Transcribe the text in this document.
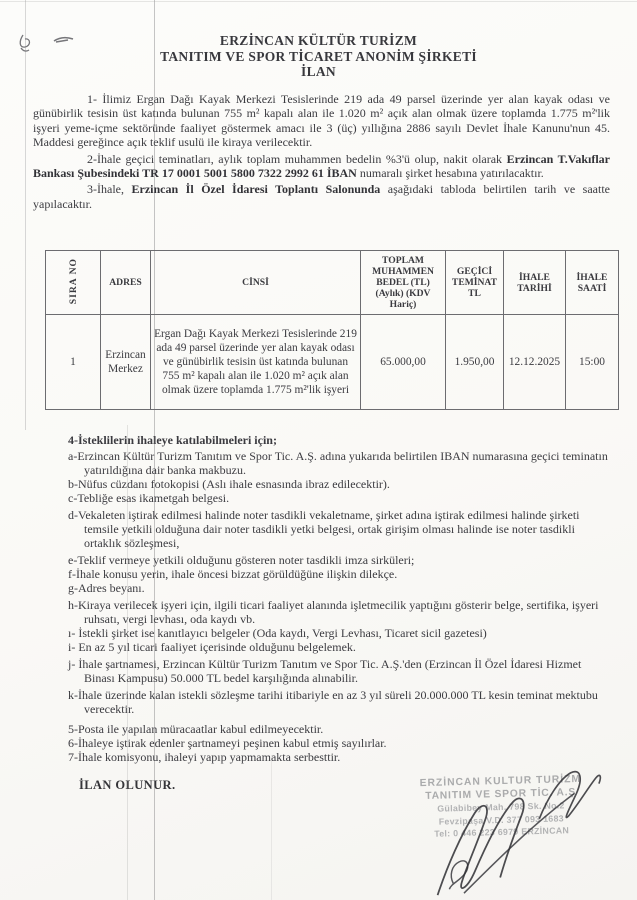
ERZİNCAN KÜLTÜR TURİZM
TANITIM VE SPOR TİCARET ANONİM ŞİRKETİ
İLAN

1- İlimiz Ergan Dağı Kayak Merkezi Tesislerinde 219 ada 49 parsel üzerinde yer alan kayak odası ve günübirlik tesisin üst katında bulunan 755 m² kapalı alan ile 1.020 m² açık alan olmak üzere toplamda 1.775 m²'lik işyeri yeme-içme sektöründe faaliyet göstermek amacı ile 3 (üç) yıllığına 2886 sayılı Devlet İhale Kanunu'nun 45. Maddesi gereğince açık teklif usulü ile kiraya verilecektir.

2-İhale geçici teminatları, aylık toplam muhammen bedelin %3'ü olup, nakit olarak Erzincan T.Vakıflar Bankası Şubesindeki TR 17 0001 5001 5800 7322 2992 61 İBAN numaralı şirket hesabına yatırılacaktır.

3-İhale, Erzincan İl Özel İdaresi Toplantı Salonunda aşağıdaki tabloda belirtilen tarih ve saatte yapılacaktır.

SIRA NO	ADRES	CİNSİ	TOPLAM MUHAMMEN BEDEL (TL) (Aylık) (KDV Hariç)	GEÇİCİ TEMİNAT TL	İHALE TARİHİ	İHALE SAATİ
1	Erzincan Merkez	Ergan Dağı Kayak Merkezi Tesislerinde 219 ada 49 parsel üzerinde yer alan kayak odası ve günübirlik tesisin üst katında bulunan 755 m² kapalı alan ile 1.020 m² açık alan olmak üzere toplamda 1.775 m²'lik işyeri	65.000,00	1.950,00	12.12.2025	15:00
4-İsteklilerin ihaleye katılabilmeleri için;
a-Erzincan Kültür Turizm Tanıtım ve Spor Tic. A.Ş. adına yukarıda belirtilen IBAN numarasına geçici teminatın yatırıldığına dair banka makbuzu.
b-Nüfus cüzdanı fotokopisi (Aslı ihale esnasında ibraz edilecektir).
c-Tebliğe esas ikametgah belgesi.
d-Vekaleten iştirak edilmesi halinde noter tasdikli vekaletname, şirket adına iştirak edilmesi halinde şirketi temsile yetkili olduğuna dair noter tasdikli yetki belgesi, ortak girişim olması halinde ise noter tasdikli ortaklık sözleşmesi,
e-Teklif vermeye yetkili olduğunu gösteren noter tasdikli imza sirküleri;
f-İhale konusu yerin, ihale öncesi bizzat görüldüğüne ilişkin dilekçe.
g-Adres beyanı.
h-Kiraya verilecek işyeri için, ilgili ticari faaliyet alanında işletmecilik yaptığını gösterir belge, sertifika, işyeri ruhsatı, vergi levhası, oda kaydı vb.
ı- İstekli şirket ise kanıtlayıcı belgeler (Oda kaydı, Vergi Levhası, Ticaret sicil gazetesi)
i- En az 5 yıl ticari faaliyet içerisinde olduğunu belgelemek.
j- İhale şartnamesi, Erzincan Kültür Turizm Tanıtım ve Spor Tic. A.Ş.'den (Erzincan İl Özel İdaresi Hizmet Binası Kampusu) 50.000 TL bedel karşılığında alınabilir.
k-İhale üzerinde kalan istekli sözleşme tarihi itibariyle en az 3 yıl süreli 20.000.000 TL kesin teminat mektubu verecektir.
5-Posta ile yapılan müracaatlar kabul edilmeyecektir.
6-İhaleye iştirak edenler şartnameyi peşinen kabul etmiş sayılırlar.
7-İhale komisyonu, ihaleyi yapıp yapmamakta serbesttir.
İLAN OLUNUR.	ERZİNCAN KULTUR TURİZM
TANITIM VE SPOR TİC. A.Ş
Gülabibey Mah. 798 Sk. No.2
Fevzipaşa V.D. 377 093 1683
Tel: 0 446 223 6979 ERZİNCAN
